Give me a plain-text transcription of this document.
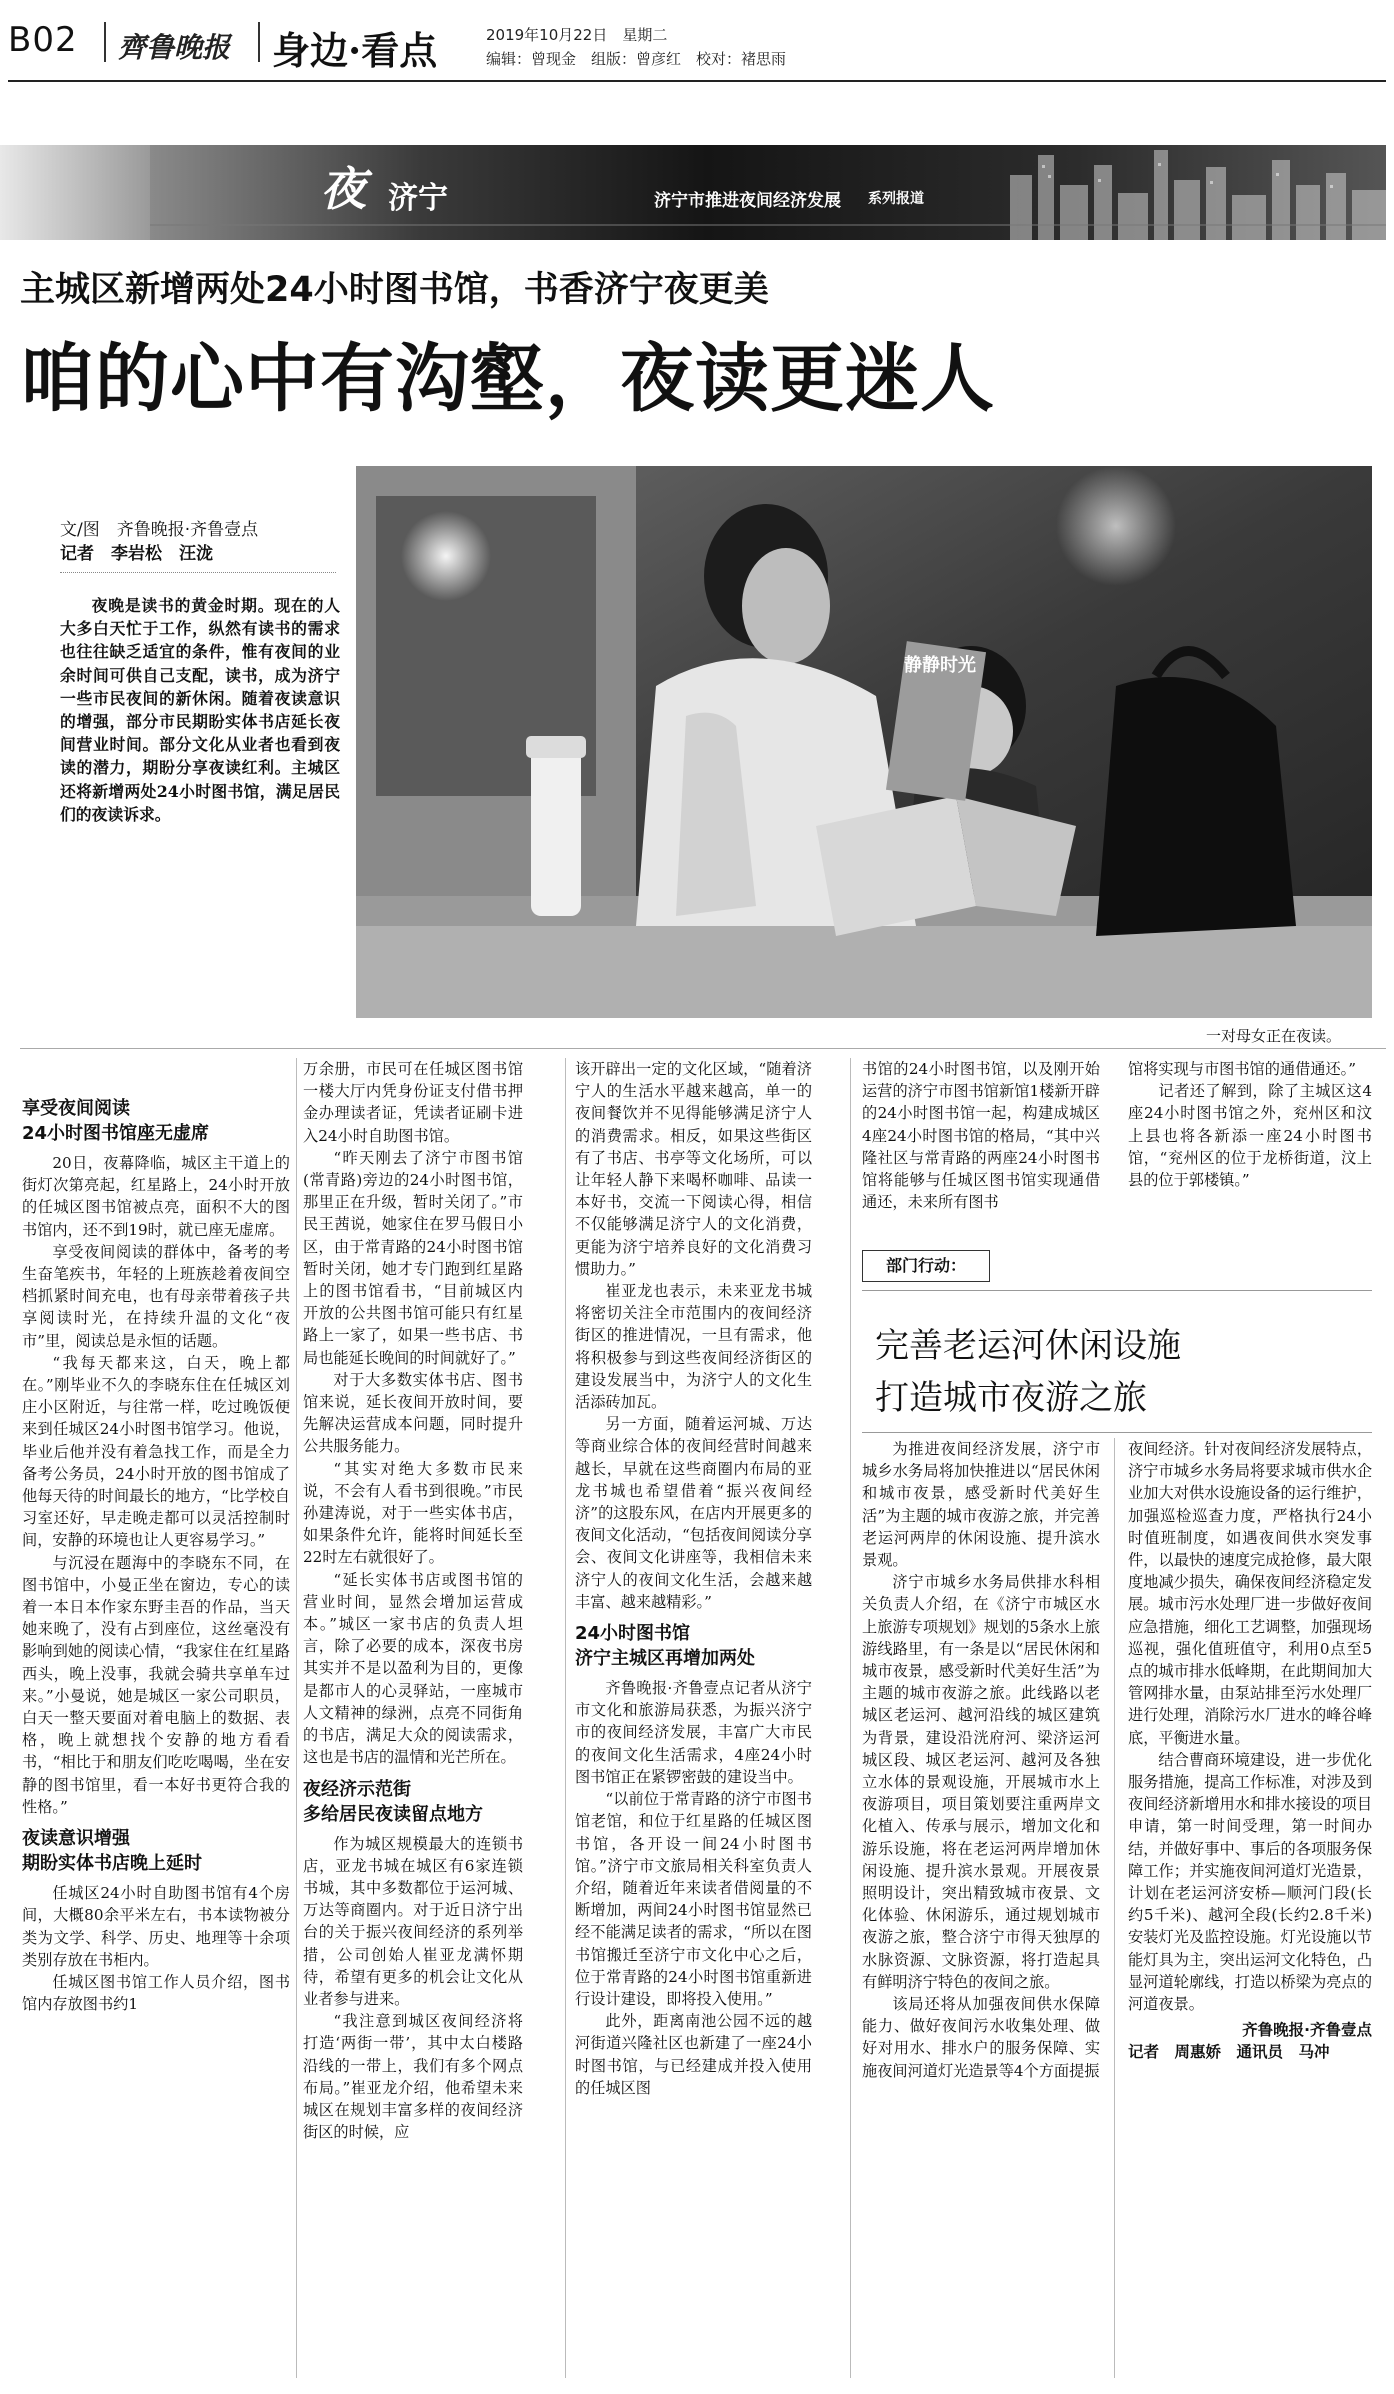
B02 齊鲁晚报 身边·看点	2019年10月22日　星期二
编辑：曾现金　组版：曾彦红　校对：褚思雨
夜 济宁	济宁市推进夜间经济发展 系列报道
主城区新增两处24小时图书馆，书香济宁夜更美
咱的心中有沟壑，夜读更迷人
文/图　齐鲁晚报·齐鲁壹点
记者　李岩松　汪泷
夜晚是读书的黄金时期。现在的人大多白天忙于工作，纵然有读书的需求也往往缺乏适宜的条件，惟有夜间的业余时间可供自己支配，读书，成为济宁一些市民夜间的新休闲。随着夜读意识的增强，部分市民期盼实体书店延长夜间营业时间。部分文化从业者也看到夜读的潜力，期盼分享夜读红利。主城区还将新增两处24小时图书馆，满足居民们的夜读诉求。
静静时光
一对母女正在夜读。
享受夜间阅读
24小时图书馆座无虚席

20日，夜幕降临，城区主干道上的街灯次第亮起，红星路上，24小时开放的任城区图书馆被点亮，面积不大的图书馆内，还不到19时，就已座无虚席。

享受夜间阅读的群体中，备考的考生奋笔疾书，年轻的上班族趁着夜间空档抓紧时间充电，也有母亲带着孩子共享阅读时光，在持续升温的文化“夜市”里，阅读总是永恒的话题。

“我每天都来这，白天，晚上都在。”刚毕业不久的李晓东住在任城区刘庄小区附近，与往常一样，吃过晚饭便来到任城区24小时图书馆学习。他说，毕业后他并没有着急找工作，而是全力备考公务员，24小时开放的图书馆成了他每天待的时间最长的地方，“比学校自习室还好，早走晚走都可以灵活控制时间，安静的环境也让人更容易学习。”

与沉浸在题海中的李晓东不同，在图书馆中，小曼正坐在窗边，专心的读着一本日本作家东野圭吾的作品，当天她来晚了，没有占到座位，这丝毫没有影响到她的阅读心情，“我家住在红星路西头，晚上没事，我就会骑共享单车过来。”小曼说，她是城区一家公司职员，白天一整天要面对着电脑上的数据、表格，晚上就想找个安静的地方看看书，“相比于和朋友们吃吃喝喝，坐在安静的图书馆里，看一本好书更符合我的性格。”

夜读意识增强
期盼实体书店晚上延时

任城区24小时自助图书馆有4个房间，大概80余平米左右，书本读物被分类为文学、科学、历史、地理等十余项类别存放在书柜内。

任城区图书馆工作人员介绍，图书馆内存放图书约1

万余册，市民可在任城区图书馆一楼大厅内凭身份证支付借书押金办理读者证，凭读者证刷卡进入24小时自助图书馆。

“昨天刚去了济宁市图书馆(常青路)旁边的24小时图书馆，那里正在升级，暂时关闭了。”市民王茜说，她家住在罗马假日小区，由于常青路的24小时图书馆暂时关闭，她才专门跑到红星路上的图书馆看书，“目前城区内开放的公共图书馆可能只有红星路上一家了，如果一些书店、书局也能延长晚间的时间就好了。”

对于大多数实体书店、图书馆来说，延长夜间开放时间，要先解决运营成本问题，同时提升公共服务能力。

“其实对绝大多数市民来说，不会有人看书到很晚。”市民孙建涛说，对于一些实体书店，如果条件允许，能将时间延长至22时左右就很好了。

“延长实体书店或图书馆的营业时间，显然会增加运营成本。”城区一家书店的负责人坦言，除了必要的成本，深夜书房其实并不是以盈利为目的，更像是都市人的心灵驿站，一座城市人文精神的绿洲，点亮不同街角的书店，满足大众的阅读需求，这也是书店的温情和光芒所在。

夜经济示范街
多给居民夜读留点地方

作为城区规模最大的连锁书店，亚龙书城在城区有6家连锁书城，其中多数都位于运河城、万达等商圈内。对于近日济宁出台的关于振兴夜间经济的系列举措，公司创始人崔亚龙满怀期待，希望有更多的机会让文化从业者参与进来。

“我注意到城区夜间经济将打造‘两街一带’，其中太白楼路沿线的一带上，我们有多个网点布局。”崔亚龙介绍，他希望未来城区在规划丰富多样的夜间经济街区的时候，应

该开辟出一定的文化区域，“随着济宁人的生活水平越来越高，单一的夜间餐饮并不见得能够满足济宁人的消费需求。相反，如果这些街区有了书店、书亭等文化场所，可以让年轻人静下来喝杯咖啡、品读一本好书，交流一下阅读心得，相信不仅能够满足济宁人的文化消费，更能为济宁培养良好的文化消费习惯助力。”

崔亚龙也表示，未来亚龙书城将密切关注全市范围内的夜间经济街区的推进情况，一旦有需求，他将积极参与到这些夜间经济街区的建设发展当中，为济宁人的文化生活添砖加瓦。

另一方面，随着运河城、万达等商业综合体的夜间经营时间越来越长，早就在这些商圈内布局的亚龙书城也希望借着“振兴夜间经济”的这股东风，在店内开展更多的夜间文化活动，“包括夜间阅读分享会、夜间文化讲座等，我相信未来济宁人的夜间文化生活，会越来越丰富、越来越精彩。”

24小时图书馆
济宁主城区再增加两处

齐鲁晚报·齐鲁壹点记者从济宁市文化和旅游局获悉，为振兴济宁市的夜间经济发展，丰富广大市民的夜间文化生活需求，4座24小时图书馆正在紧锣密鼓的建设当中。

“以前位于常青路的济宁市图书馆老馆，和位于红星路的任城区图书馆，各开设一间24小时图书馆。”济宁市文旅局相关科室负责人介绍，随着近年来读者借阅量的不断增加，两间24小时图书馆显然已经不能满足读者的需求，“所以在图书馆搬迁至济宁市文化中心之后，位于常青路的24小时图书馆重新进行设计建设，即将投入使用。”

此外，距离南池公园不远的越河街道兴隆社区也新建了一座24小时图书馆，与已经建成并投入使用的任城区图

书馆的24小时图书馆，以及刚开始运营的济宁市图书馆新馆1楼新开辟的24小时图书馆一起，构建成城区4座24小时图书馆的格局，“其中兴隆社区与常青路的两座24小时图书馆将能够与任城区图书馆实现通借通还，未来所有图书

馆将实现与市图书馆的通借通还。”

记者还了解到，除了主城区这4座24小时图书馆之外，兖州区和汶上县也将各新添一座24小时图书馆，“兖州区的位于龙桥街道，汶上县的位于郭楼镇。”

部门行动：
完善老运河休闲设施
打造城市夜游之旅

为推进夜间经济发展，济宁市城乡水务局将加快推进以“居民休闲和城市夜景，感受新时代美好生活”为主题的城市夜游之旅，并完善老运河两岸的休闲设施、提升滨水景观。

济宁市城乡水务局供排水科相关负责人介绍，在《济宁市城区水上旅游专项规划》规划的5条水上旅游线路里，有一条是以“居民休闲和城市夜景，感受新时代美好生活”为主题的城市夜游之旅。此线路以老城区老运河、越河沿线的城区建筑为背景，建设沿洸府河、梁济运河城区段、城区老运河、越河及各独立水体的景观设施，开展城市水上夜游项目，项目策划要注重两岸文化植入、传承与展示，增加文化和游乐设施，将在老运河两岸增加休闲设施、提升滨水景观。开展夜景照明设计，突出精致城市夜景、文化体验、休闲游乐，通过规划城市夜游之旅，整合济宁市得天独厚的水脉资源、文脉资源，将打造起具有鲜明济宁特色的夜间之旅。

该局还将从加强夜间供水保障能力、做好夜间污水收集处理、做好对用水、排水户的服务保障、实施夜间河道灯光造景等4个方面提振

夜间经济。针对夜间经济发展特点，济宁市城乡水务局将要求城市供水企业加大对供水设施设备的运行维护，加强巡检巡查力度，严格执行24小时值班制度，如遇夜间供水突发事件，以最快的速度完成抢修，最大限度地减少损失，确保夜间经济稳定发展。城市污水处理厂进一步做好夜间应急措施，细化工艺调整，加强现场巡视，强化值班值守，利用0点至5点的城市排水低峰期，在此期间加大管网排水量，由泵站排至污水处理厂进行处理，消除污水厂进水的峰谷峰底，平衡进水量。

结合曹商环境建设，进一步优化服务措施，提高工作标准，对涉及到夜间经济新增用水和排水接设的项目申请，第一时间受理，第一时间办结，并做好事中、事后的各项服务保障工作；并实施夜间河道灯光造景，计划在老运河济安桥—顺河门段(长约5千米)、越河全段(长约2.8千米)安装灯光及监控设施。灯光设施以节能灯具为主，突出运河文化特色，凸显河道轮廓线，打造以桥梁为亮点的河道夜景。

齐鲁晚报·齐鲁壹点
记者　周惠娇　通讯员　马冲
